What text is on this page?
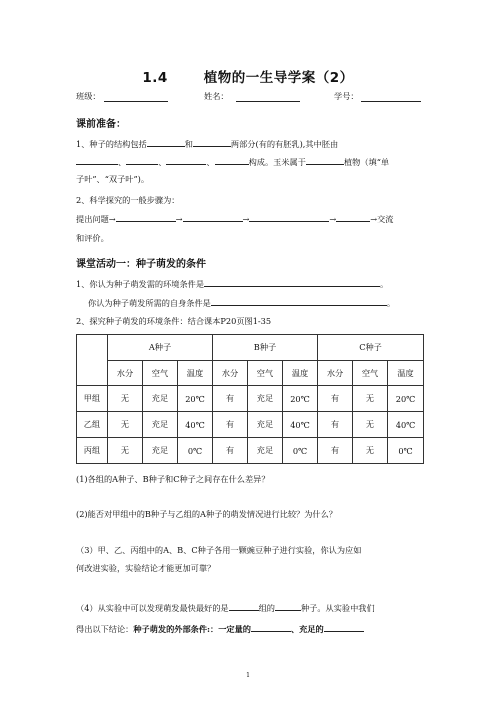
1.4	植物的一生导学案（2）
班级：	姓名：	学号：
课前准备：
1、种子的结构包括	和	两部分(有的有胚乳),其中胚由
、	、	、	构成。玉米属于	植物（填“单
子叶”、“双子叶”)。
2、科学探究的一般步骤为：
提出问题→	→	→	→	→交流
和评价。
课堂活动一：种子萌发的条件
1、你认为种子萌发需的环境条件是	。
你认为种子萌发所需的自身条件是	。
2、探究种子萌发的环境条件：结合课本P20页图1-35
	A种子			B种子			C种子		
	水分	空气	温度	水分	空气	温度	水分	空气	温度
甲组	无	充足	20℃	有	充足	20℃	有	无	20℃
乙组	无	充足	40℃	有	充足	40℃	有	无	40℃
丙组	无	充足	0℃	有	充足	0℃	有	无	0℃
(1)各组的A种子、B种子和C种子之间存在什么差异？
(2)能否对甲组中的B种子与乙组的A种子的萌发情况进行比较？为什么？
（3）甲、乙、丙组中的A、B、C种子各用一颗豌豆种子进行实验，你认为应如
何改进实验，实验结论才能更加可靠？
（4）从实验中可以发现萌发最快最好的是	组的	种子。从实验中我们
得出以下结论：种子萌发的外部条件:：一定量的	、充足的
1
